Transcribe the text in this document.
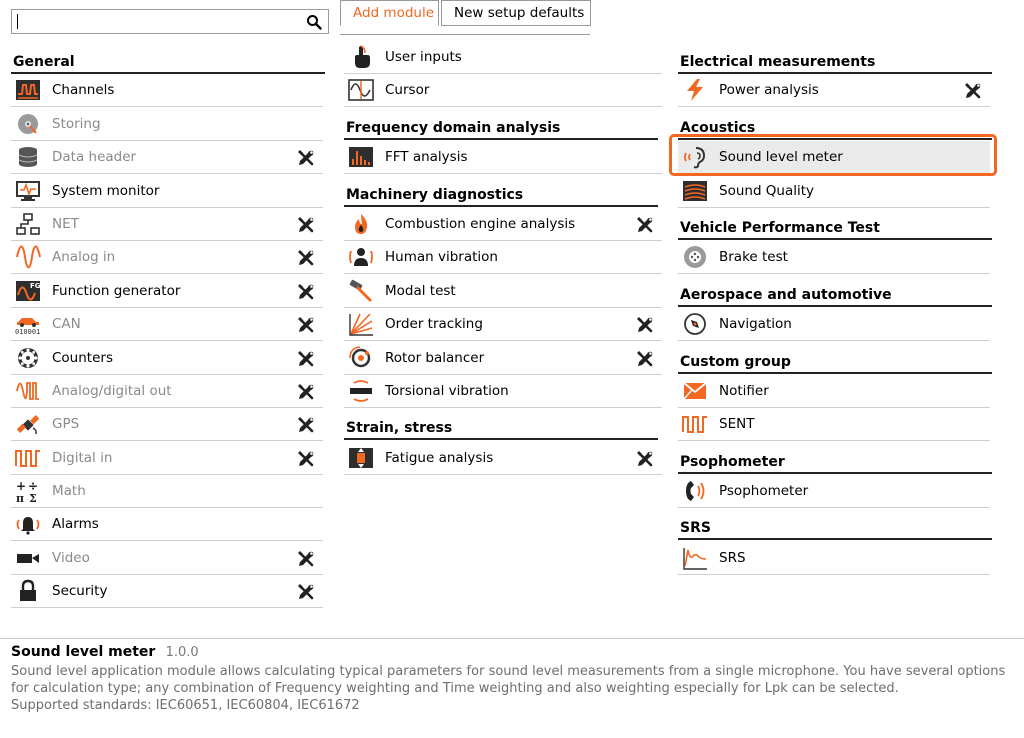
Add module	New setup defaults
General
Channels
Storing
Data header
System monitor
NET
Analog in
FG Function generator
010001 CAN
Counters
Analog/digital out
GPS
Digital in
+ ÷
π Σ Math
Alarms
Video
Security
User inputs
Cursor
Frequency domain analysis
FFT analysis
Machinery diagnostics
Combustion engine analysis
Human vibration
Modal test
Order tracking
Rotor balancer
Torsional vibration
Strain, stress
Fatigue analysis
Electrical measurements
Power analysis
Acoustics
Sound level meter
Sound Quality
Vehicle Performance Test
Brake test
Aerospace and automotive
Navigation
Custom group
Notifier
SENT
Psophometer
Psophometer
SRS
SRS
Sound level meter 1.0.0
Sound level application module allows calculating typical parameters for sound level measurements from a single microphone. You have several options for calculation type; any combination of Frequency weighting and Time weighting and also weighting especially for Lpk can be selected.
Supported standards: IEC60651, IEC60804, IEC61672
